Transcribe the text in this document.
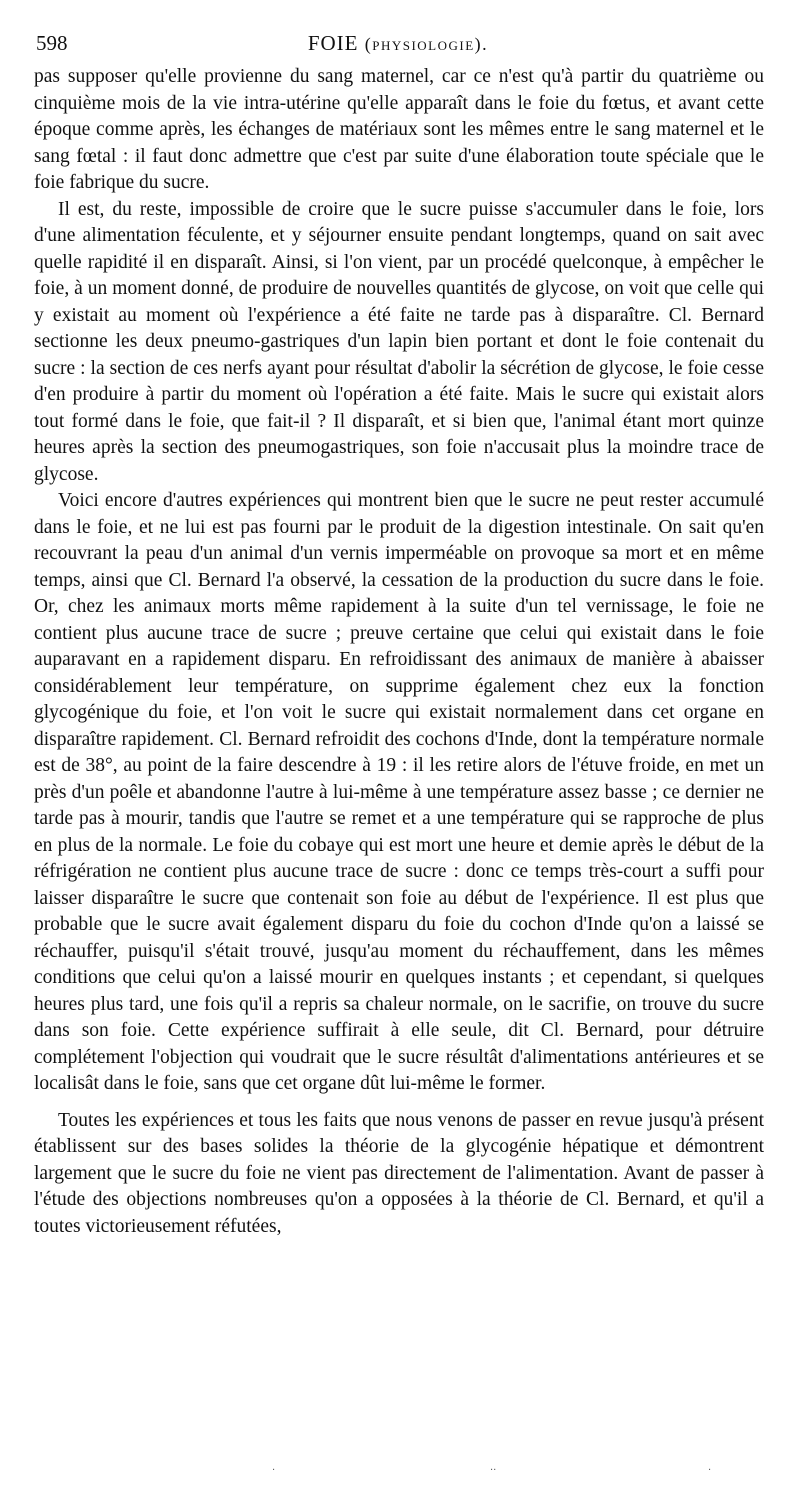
598	FOIE (physiologie).

pas supposer qu'elle provienne du sang maternel, car ce n'est qu'à partir du quatrième ou cinquième mois de la vie intra-utérine qu'elle apparaît dans le foie du fœtus, et avant cette époque comme après, les échanges de matériaux sont les mêmes entre le sang maternel et le sang fœtal : il faut donc admettre que c'est par suite d'une élaboration toute spéciale que le foie fabrique du sucre.

Il est, du reste, impossible de croire que le sucre puisse s'accumuler dans le foie, lors d'une alimentation féculente, et y séjourner ensuite pendant longtemps, quand on sait avec quelle rapidité il en disparaît. Ainsi, si l'on vient, par un procédé quelconque, à empêcher le foie, à un moment donné, de produire de nouvelles quantités de glycose, on voit que celle qui y existait au moment où l'expérience a été faite ne tarde pas à disparaître. Cl. Bernard sectionne les deux pneumo-gastriques d'un lapin bien portant et dont le foie contenait du sucre : la section de ces nerfs ayant pour résultat d'abolir la sécrétion de glycose, le foie cesse d'en produire à partir du moment où l'opération a été faite. Mais le sucre qui existait alors tout formé dans le foie, que fait-il ? Il disparaît, et si bien que, l'animal étant mort quinze heures après la section des pneumogastriques, son foie n'accusait plus la moindre trace de glycose.

Voici encore d'autres expériences qui montrent bien que le sucre ne peut rester accumulé dans le foie, et ne lui est pas fourni par le produit de la digestion intestinale. On sait qu'en recouvrant la peau d'un animal d'un vernis imperméable on provoque sa mort et en même temps, ainsi que Cl. Bernard l'a observé, la cessation de la production du sucre dans le foie. Or, chez les animaux morts même rapidement à la suite d'un tel vernissage, le foie ne contient plus aucune trace de sucre ; preuve certaine que celui qui existait dans le foie auparavant en a rapidement disparu. En refroidissant des animaux de manière à abaisser considérablement leur température, on supprime également chez eux la fonction glycogénique du foie, et l'on voit le sucre qui existait normalement dans cet organe en disparaître rapidement. Cl. Bernard refroidit des cochons d'Inde, dont la température normale est de 38°, au point de la faire descendre à 19 : il les retire alors de l'étuve froide, en met un près d'un poêle et abandonne l'autre à lui-même à une température assez basse ; ce dernier ne tarde pas à mourir, tandis que l'autre se remet et a une température qui se rapproche de plus en plus de la normale. Le foie du cobaye qui est mort une heure et demie après le début de la réfrigération ne contient plus aucune trace de sucre : donc ce temps très-court a suffi pour laisser disparaître le sucre que contenait son foie au début de l'expérience. Il est plus que probable que le sucre avait également disparu du foie du cochon d'Inde qu'on a laissé se réchauffer, puisqu'il s'était trouvé, jusqu'au moment du réchauffement, dans les mêmes conditions que celui qu'on a laissé mourir en quelques instants ; et cependant, si quelques heures plus tard, une fois qu'il a repris sa chaleur normale, on le sacrifie, on trouve du sucre dans son foie. Cette expérience suffirait à elle seule, dit Cl. Bernard, pour détruire complétement l'objection qui voudrait que le sucre résultât d'alimentations antérieures et se localisât dans le foie, sans que cet organe dût lui-même le former.

Toutes les expériences et tous les faits que nous venons de passer en revue jusqu'à présent établissent sur des bases solides la théorie de la glycogénie hépatique et démontrent largement que le sucre du foie ne vient pas directement de l'alimentation. Avant de passer à l'étude des objections nombreuses qu'on a opposées à la théorie de Cl. Bernard, et qu'il a toutes victorieusement réfutées,

.	..	.
